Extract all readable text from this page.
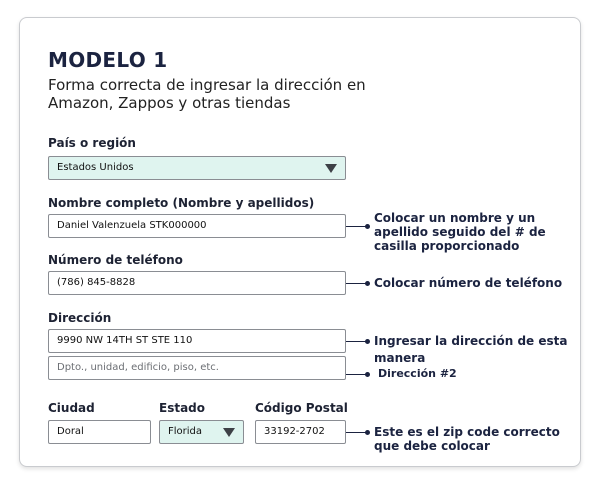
MODELO 1
Forma correcta de ingresar la dirección en Amazon, Zappos y otras tiendas
País o región
Estados Unidos
Nombre completo (Nombre y apellidos)
Daniel Valenzuela STK000000
Colocar un nombre y un apellido seguido del # de casilla proporcionado
Número de teléfono
(786) 845-8828	Colocar número de teléfono
Dirección
9990 NW 14TH ST STE 110	Ingresar la dirección de esta manera
Dpto., unidad, edificio, piso, etc.	Dirección #2
Ciudad
Doral
Estado
Florida
Código Postal
33192-2702	Este es el zip code correcto que debe colocar
